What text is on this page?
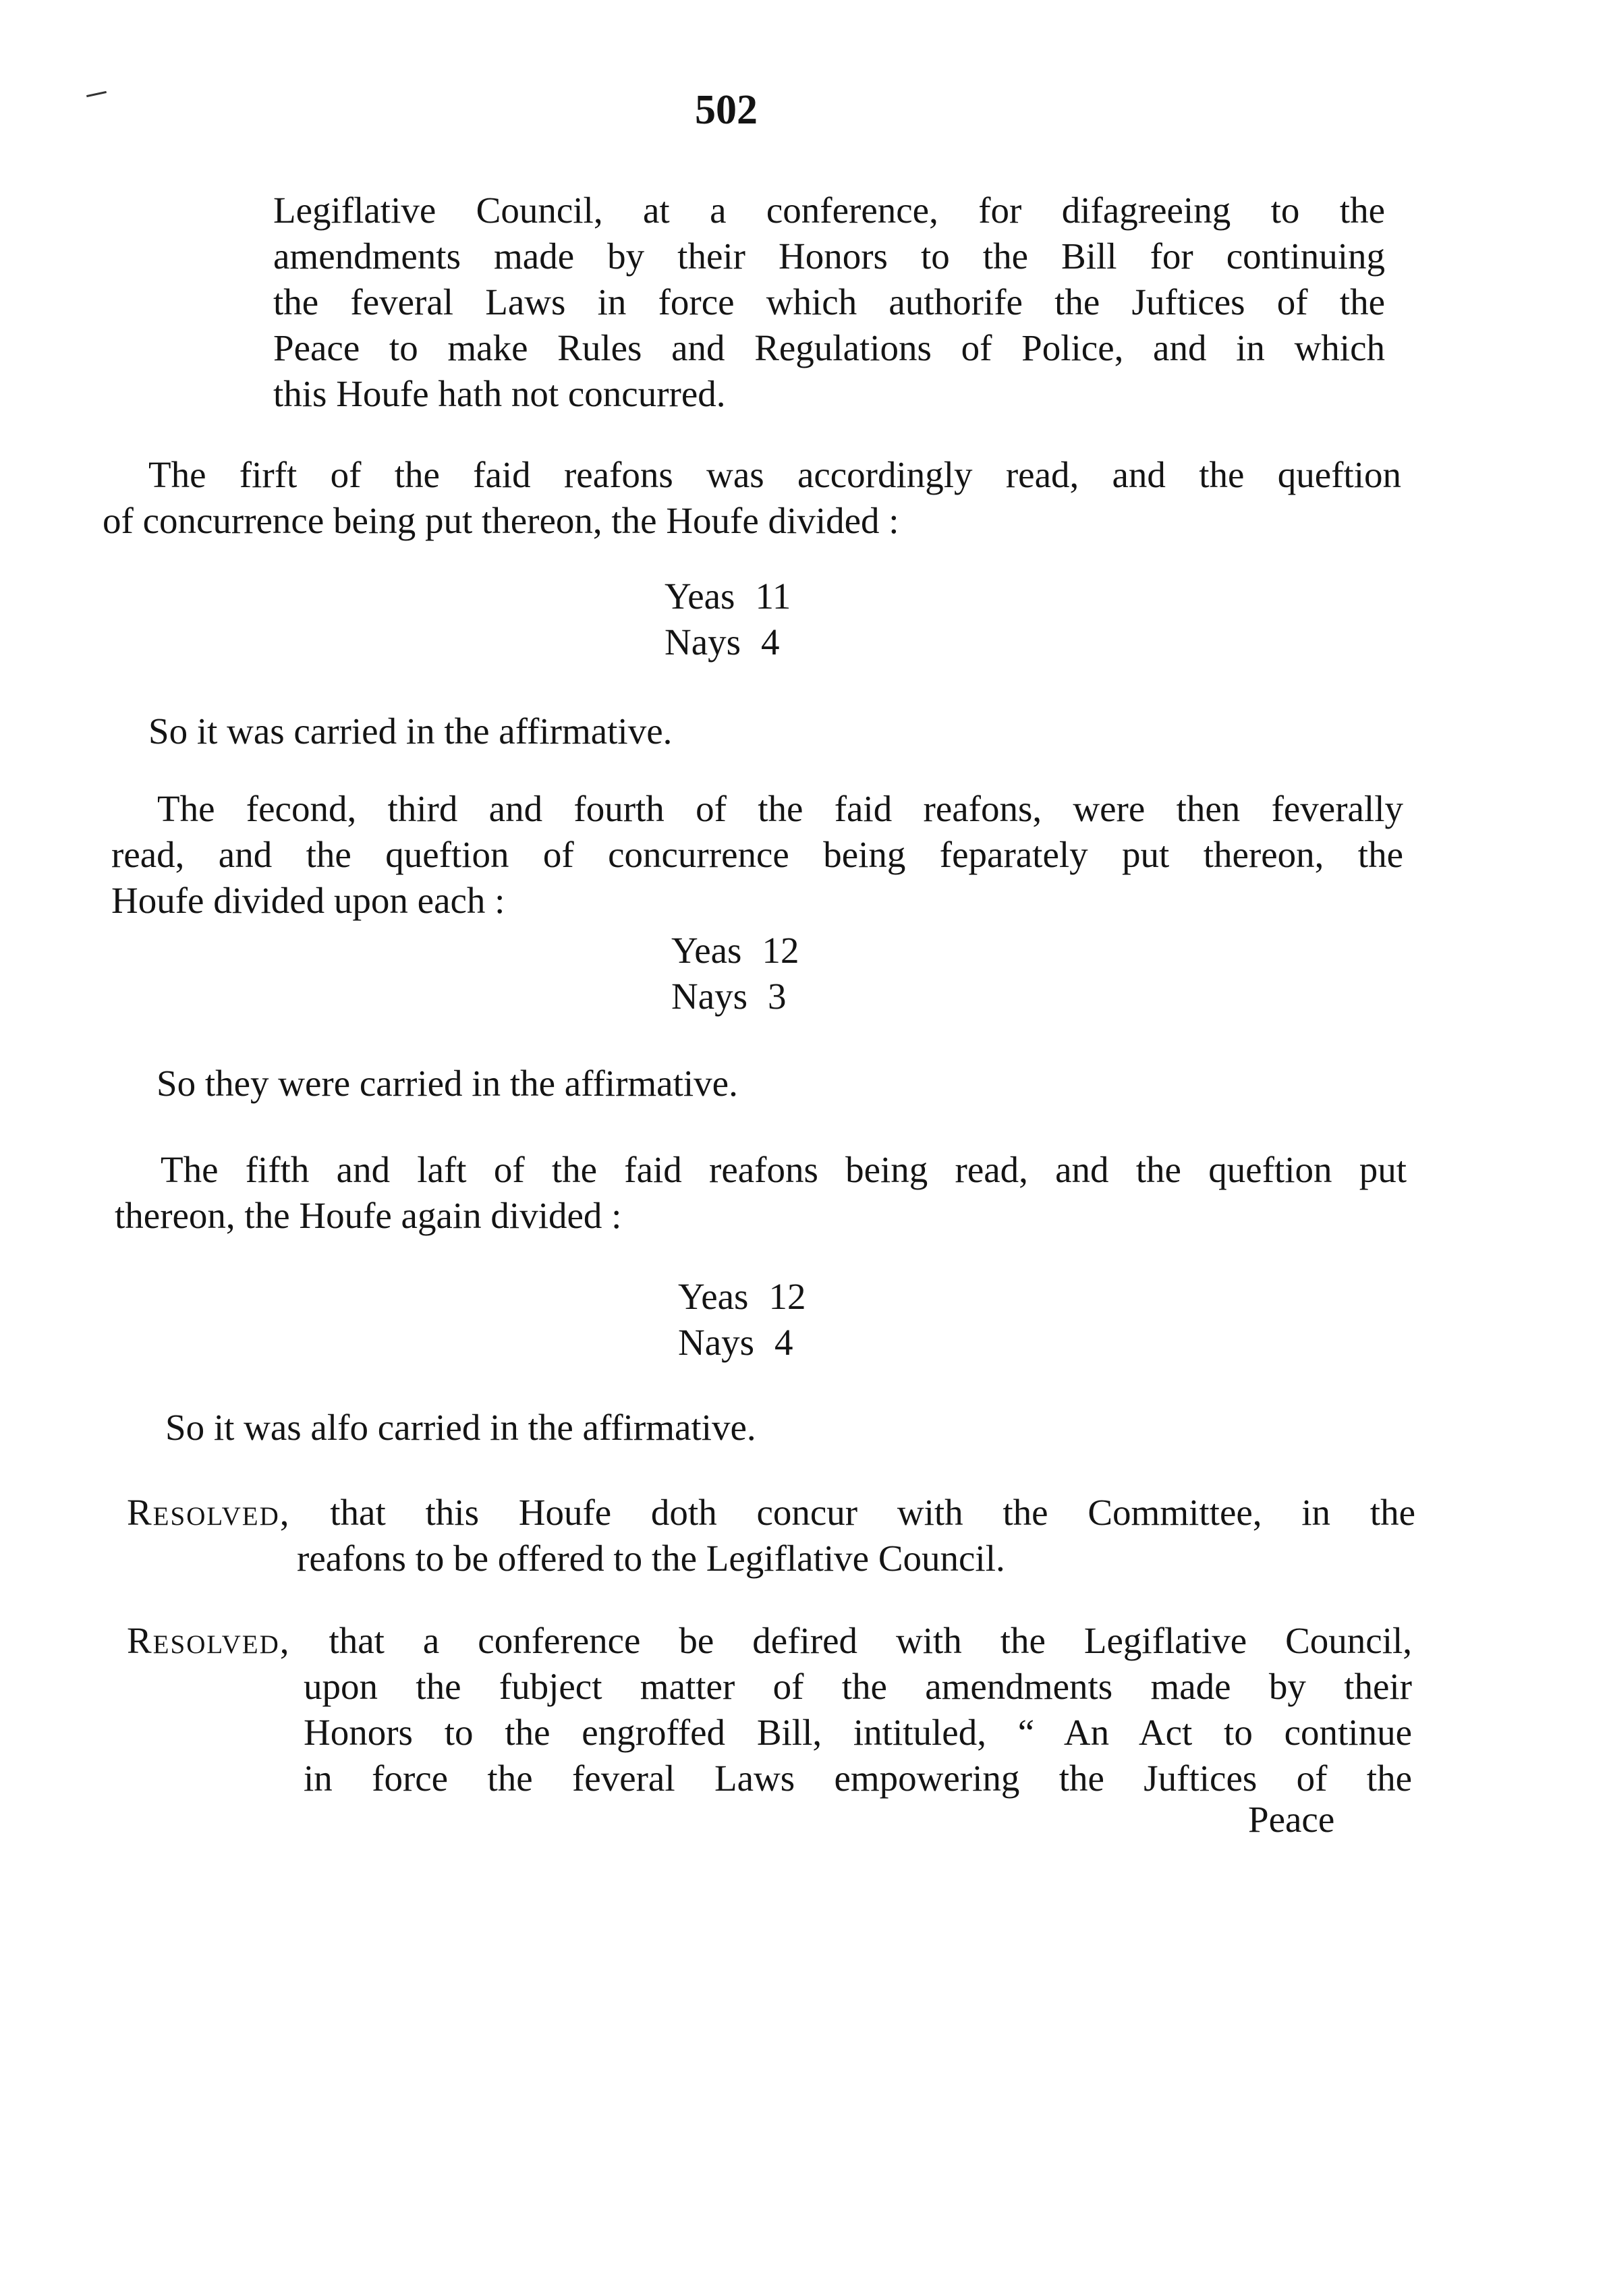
502
Legiflative Council, at a conference, for difagreeing to the
amendments made by their Honors to the Bill for continuing
the feveral Laws in force which authorife the Juftices of the
Peace to make Rules and Regulations of Police, and in which
this Houfe hath not concurred.
The firft of the faid reafons was accordingly read, and the queftion
of concurrence being put thereon, the Houfe divided :
Yeas 11
Nays 4
So it was carried in the affirmative.
The fecond, third and fourth of the faid reafons, were then feverally
read, and the queftion of concurrence being feparately put thereon, the
Houfe divided upon each :
Yeas 12
Nays 3
So they were carried in the affirmative.
The fifth and laft of the faid reafons being read, and the queftion put
thereon, the Houfe again divided :
Yeas 12
Nays 4
So it was alfo carried in the affirmative.
Resolved, that this Houfe doth concur with the Committee, in the
reafons to be offered to the Legiflative Council.
Resolved, that a conference be defired with the Legiflative Council,
upon the fubject matter of the amendments made by their
Honors to the engroffed Bill, intituled, “ An Act to continue
in force the feveral Laws empowering the Juftices of the
Peace
